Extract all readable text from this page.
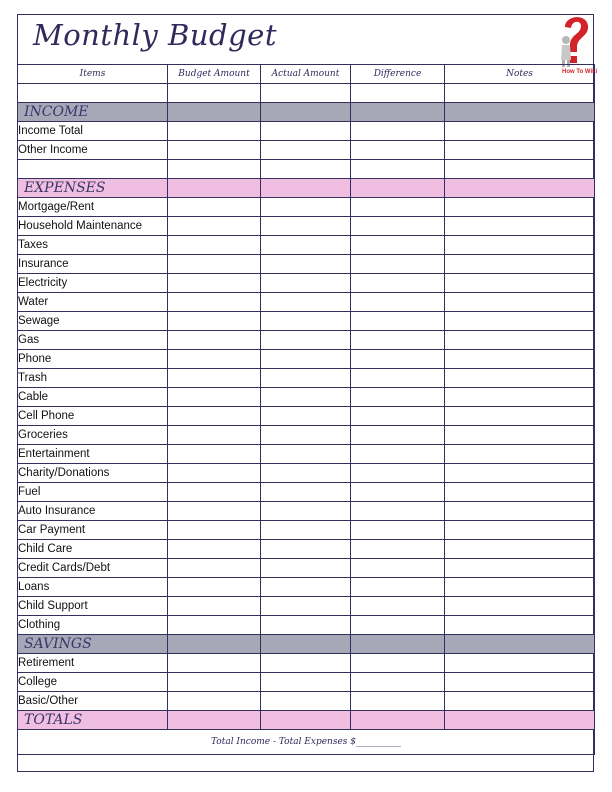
Monthly Budget
How To Wiki
Items	Budget Amount	Actual Amount	Difference	Notes

INCOME				
Income Total				
Other Income				

EXPENSES				
Mortgage/Rent				
Household Maintenance				
Taxes				
Insurance				
Electricity				
Water				
Sewage				
Gas				
Phone				
Trash				
Cable				
Cell Phone				
Groceries				
Entertainment				
Charity/Donations				
Fuel				
Auto Insurance				
Car Payment				
Child Care				
Credit Cards/Debt				
Loans				
Child Support				
Clothing				
SAVINGS				
Retirement				
College				
Basic/Other				
TOTALS				
Total Income - Total Expenses $__________				
